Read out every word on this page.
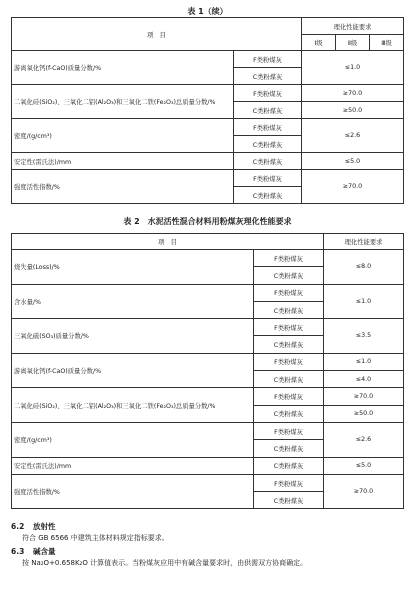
表 1（续）
项　目		理化性能要求		
		Ⅰ级	Ⅱ级	Ⅲ级
游离氧化钙(f-CaO)质量分数/%	F类粉煤灰	≤1.0		
	C类粉煤灰			
二氧化硅(SiO₂)、三氧化二铝(Al₂O₃)和三氧化二铁(Fe₂O₃)总质量分数/%	F类粉煤灰	≥70.0		
	C类粉煤灰	≥50.0		
密度/(g/cm³)	F类粉煤灰	≤2.6		
	C类粉煤灰			
安定性(雷氏法)/mm	C类粉煤灰	≤5.0		
强度活性指数/%	F类粉煤灰	≥70.0		
	C类粉煤灰			
表 2　水泥活性混合材料用粉煤灰理化性能要求
项　目		理化性能要求
烧失量(Loss)/%	F类粉煤灰	≤8.0
	C类粉煤灰	
含水量/%	F类粉煤灰	≤1.0
	C类粉煤灰	
三氧化硫(SO₃)质量分数/%	F类粉煤灰	≤3.5
	C类粉煤灰	
游离氧化钙(f-CaO)质量分数/%	F类粉煤灰	≤1.0
	C类粉煤灰	≤4.0
二氧化硅(SiO₂)、三氧化二铝(Al₂O₃)和三氧化二铁(Fe₂O₃)总质量分数/%	F类粉煤灰	≥70.0
	C类粉煤灰	≥50.0
密度/(g/cm³)	F类粉煤灰	≤2.6
	C类粉煤灰	
安定性(雷氏法)/mm	C类粉煤灰	≤5.0
强度活性指数/%	F类粉煤灰	≥70.0
	C类粉煤灰	
6.2 放射性
符合 GB 6566 中建筑主体材料规定指标要求。
6.3 碱含量
按 Na₂O+0.658K₂O 计算值表示。当粉煤灰应用中有碱含量要求时，由供需双方协商确定。
